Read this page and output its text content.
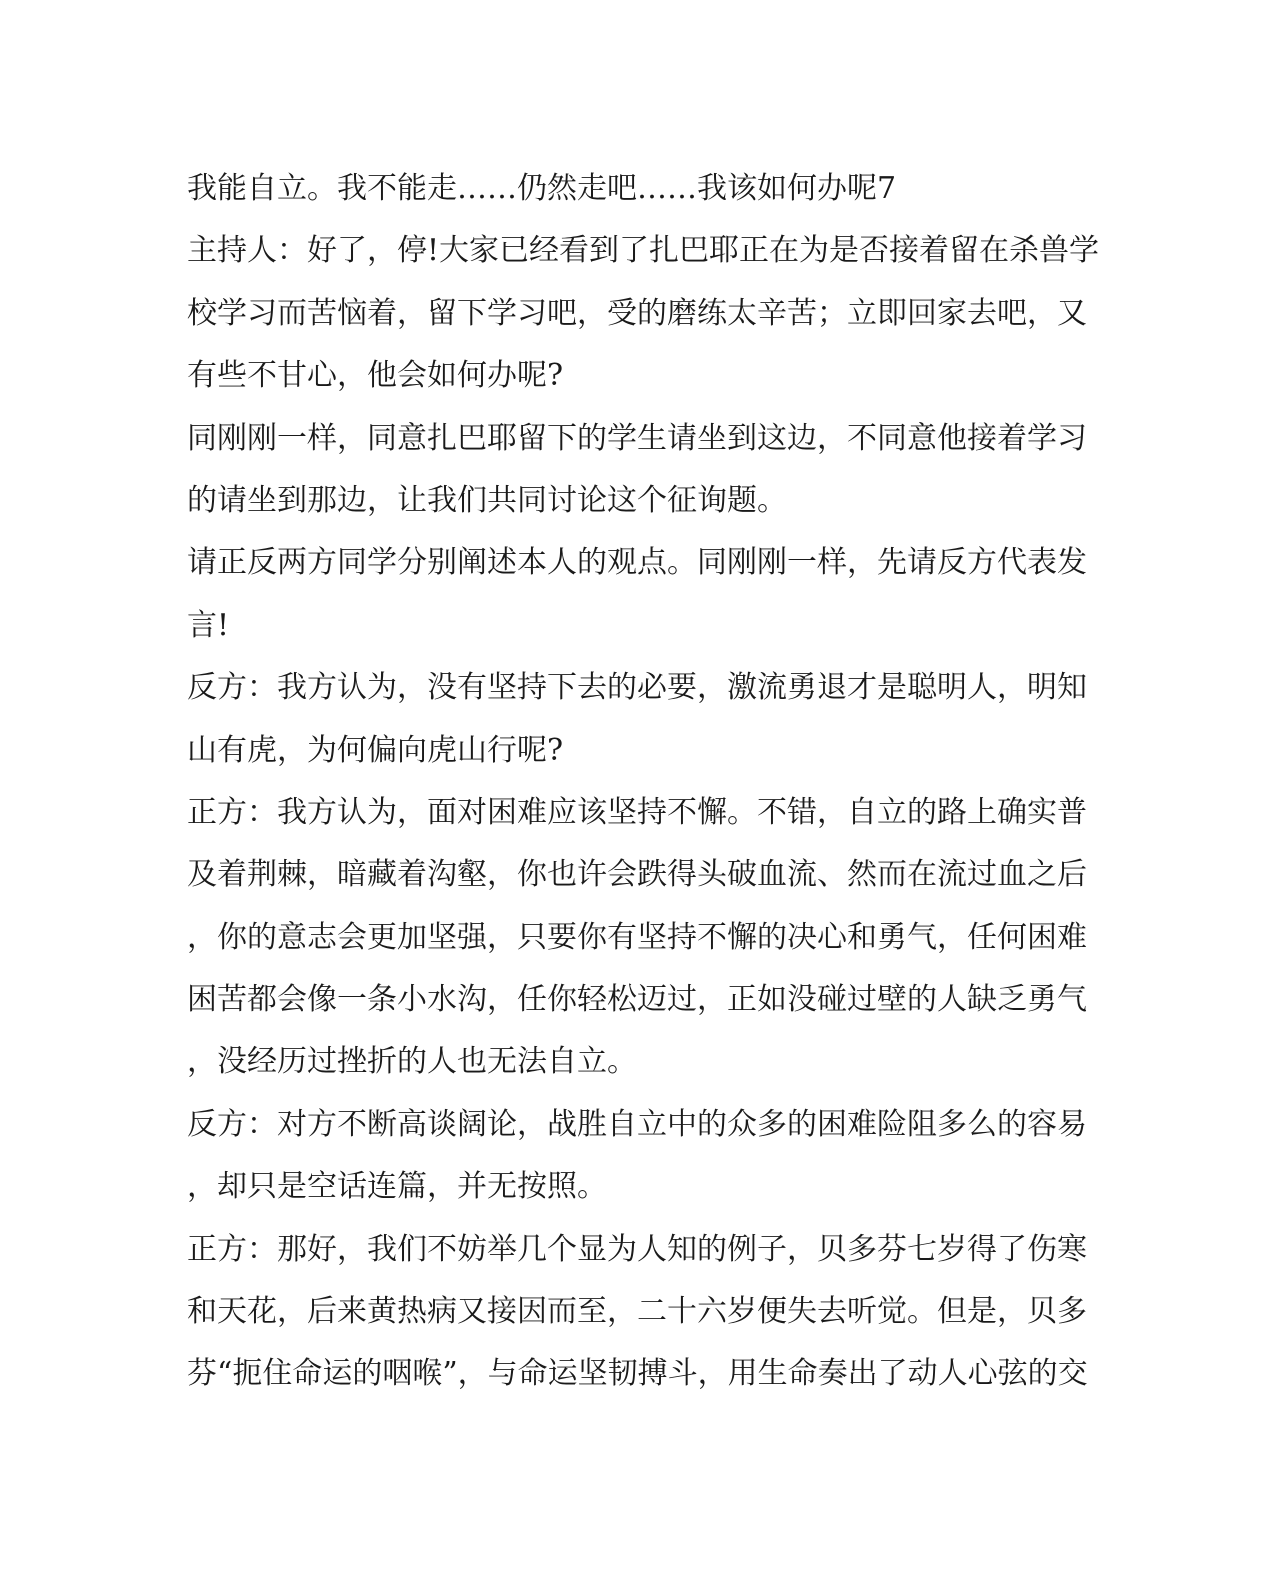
我能自立。我不能走……仍然走吧……我该如何办呢7
主持人：好了，停!大家已经看到了扎巴耶正在为是否接着留在杀兽学
校学习而苦恼着，留下学习吧，受的磨练太辛苦；立即回家去吧，又
有些不甘心，他会如何办呢?
同刚刚一样，同意扎巴耶留下的学生请坐到这边，不同意他接着学习
的请坐到那边，让我们共同讨论这个征询题。
请正反两方同学分别阐述本人的观点。同刚刚一样，先请反方代表发
言!
反方：我方认为，没有坚持下去的必要，激流勇退才是聪明人，明知
山有虎，为何偏向虎山行呢?
正方：我方认为，面对困难应该坚持不懈。不错，自立的路上确实普
及着荆棘，暗藏着沟壑，你也许会跌得头破血流、然而在流过血之后
，你的意志会更加坚强，只要你有坚持不懈的决心和勇气，任何困难
困苦都会像一条小水沟，任你轻松迈过，正如没碰过壁的人缺乏勇气
，没经历过挫折的人也无法自立。
反方：对方不断高谈阔论，战胜自立中的众多的困难险阻多么的容易
，却只是空话连篇，并无按照。
正方：那好，我们不妨举几个显为人知的例子，贝多芬七岁得了伤寒
和天花，后来黄热病又接因而至，二十六岁便失去听觉。但是，贝多
芬“扼住命运的咽喉”，与命运坚韧搏斗，用生命奏出了动人心弦的交
